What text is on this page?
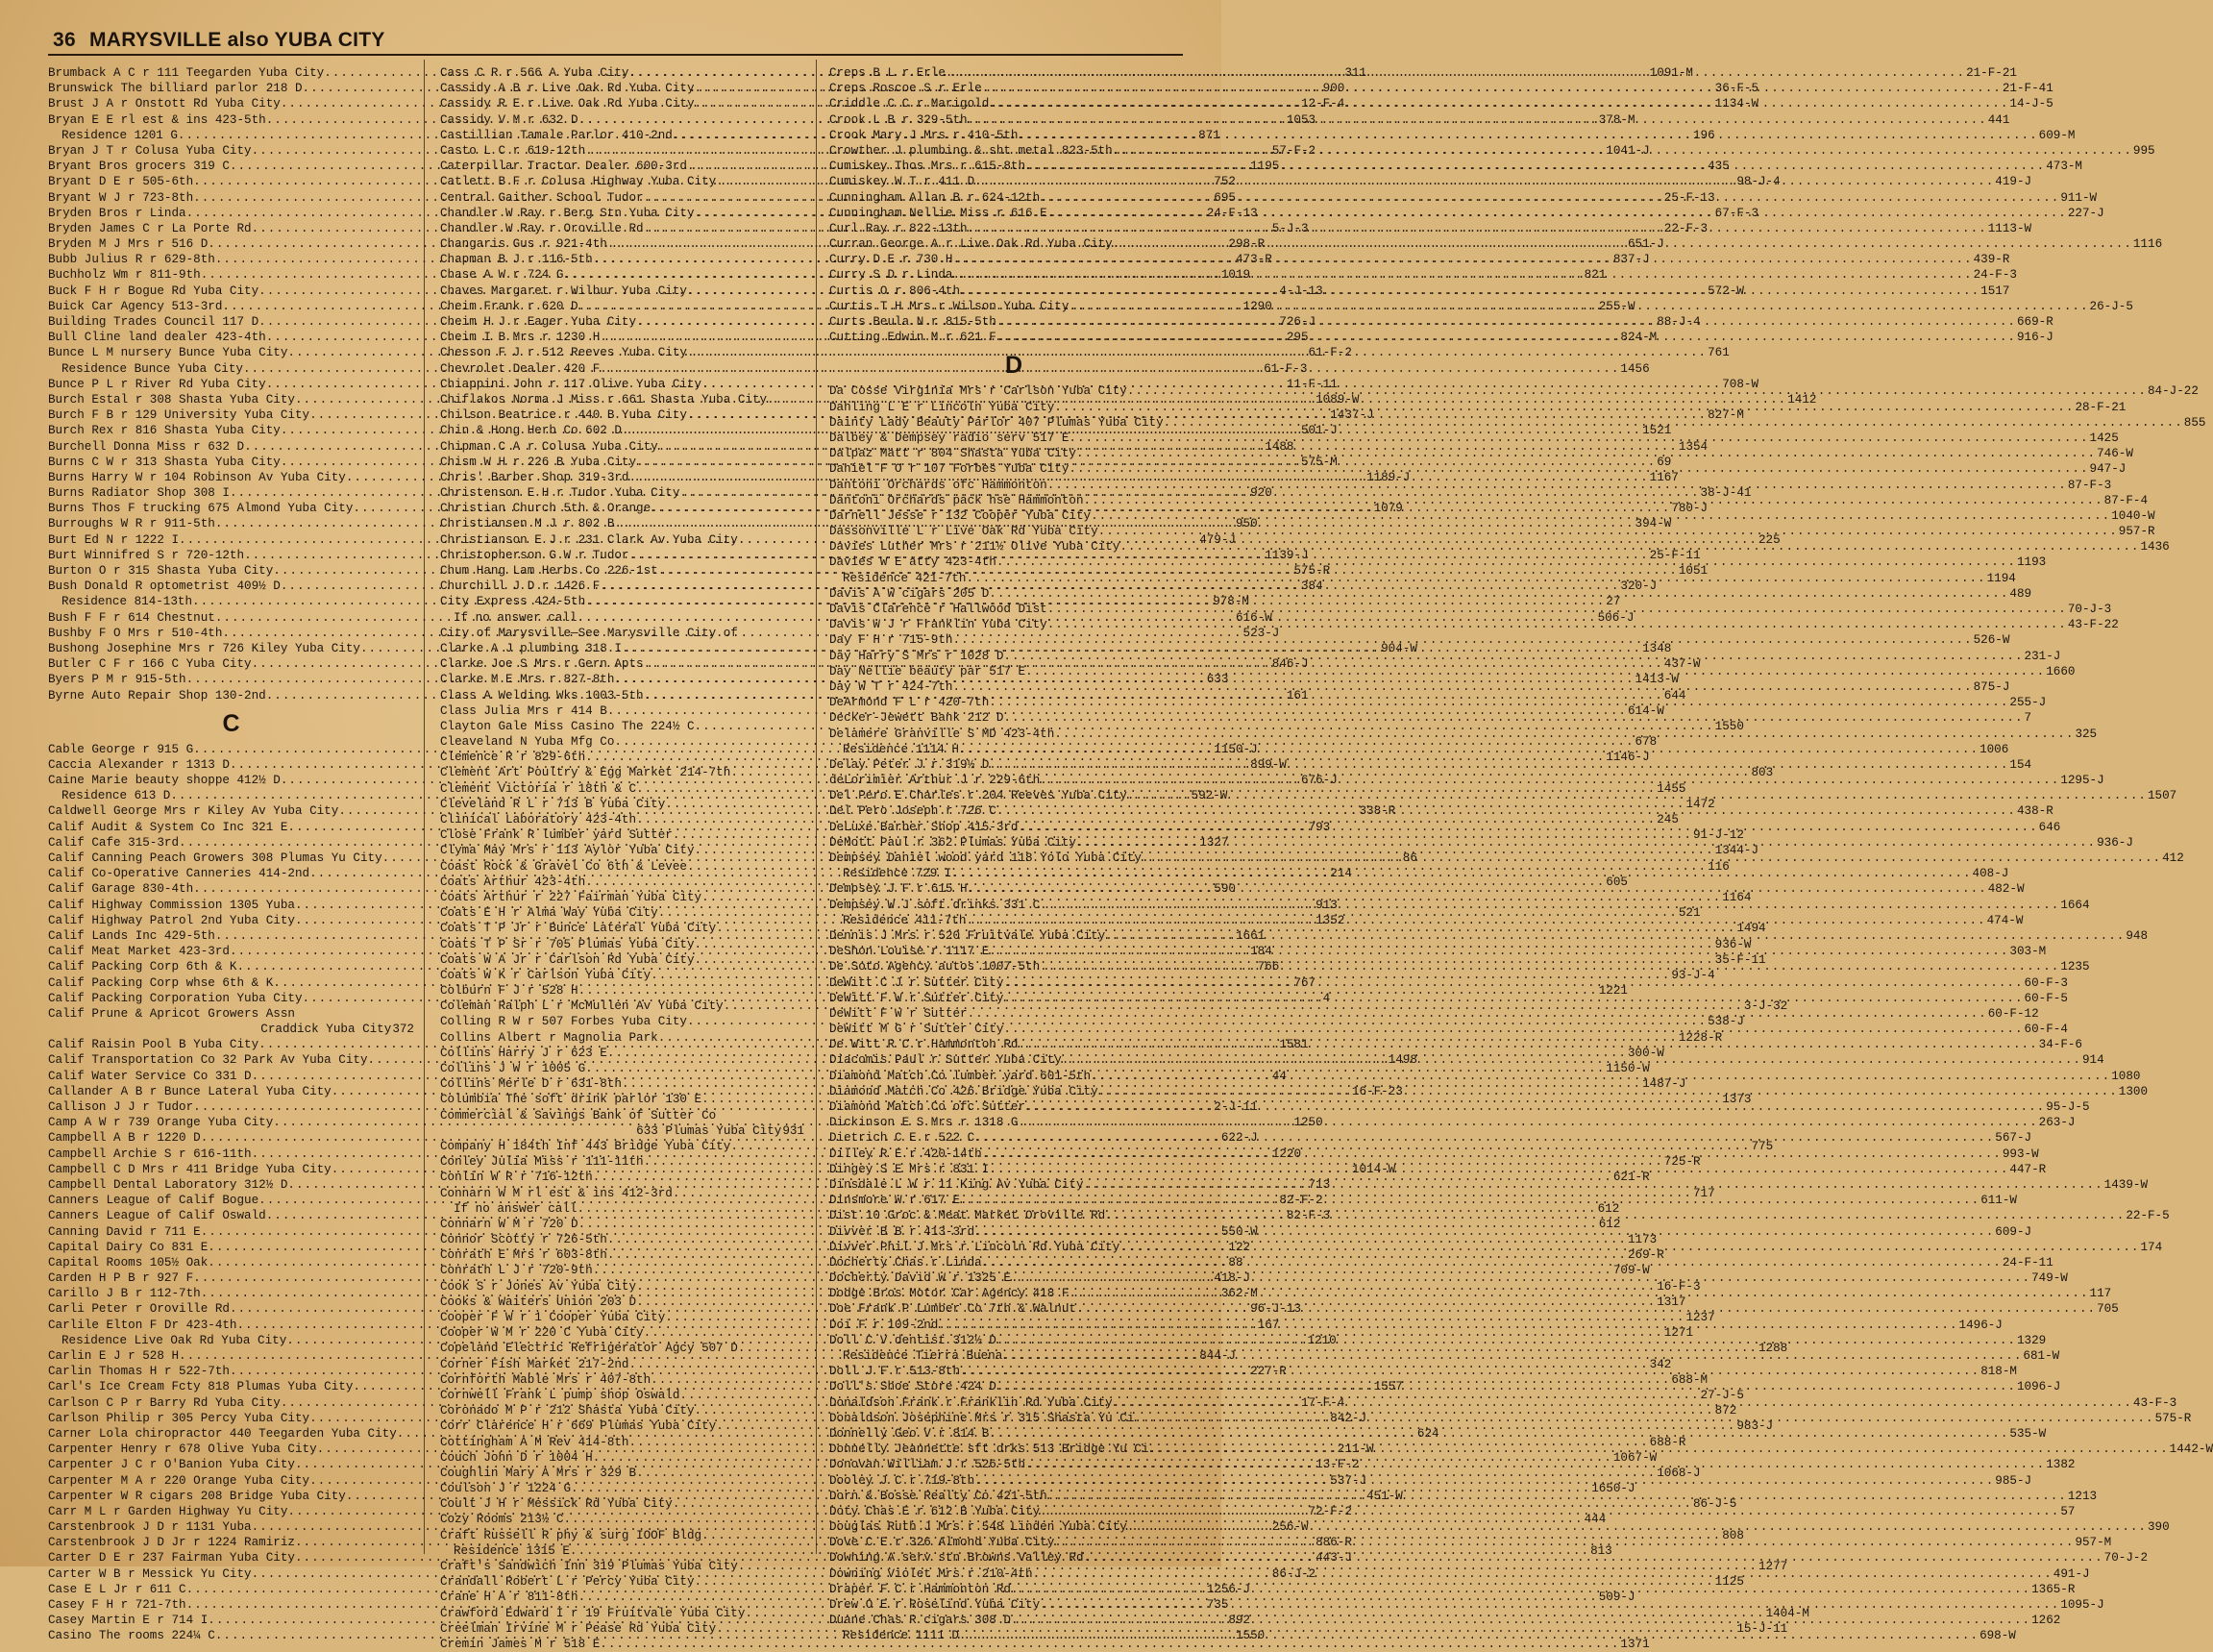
36 MARYSVILLE also YUBA CITY
Brumback A C r 111 Teegarden Yuba City .....	311
Brunswick The billiard parlor 218 D .....	900
Brust J A r Onstott Rd Yuba City .....	12-F-4
Bryan E E rl est & ins 423-5th .....	1053
Residence 1201 G .....	871
Bryan J T r Colusa Yuba City .....	57-F-2
Bryant Bros grocers 319 C .....	1195
Bryant D E r 505-6th .....	752
Bryant W J r 723-8th .....	695
Bryden Bros r Linda .....	24-F-13
Bryden James C r La Porte Rd .....	5-J-3
Bryden M J Mrs r 516 D .....	298-R
Bubb Julius R r 629-8th .....	473-R
Buchholz Wm r 811-9th .....	1019
Buck F H r Bogue Rd Yuba City .....	4-J-13
Buick Car Agency 513-3rd .....	1290
Building Trades Council 117 D .....	726-J
Bull Cline land dealer 423-4th .....	295
Bunce L M nursery Bunce Yuba City .....	61-F-2
Residence Bunce Yuba City .....	61-F-3
Bunce P L r River Rd Yuba City .....	11-F-11
Burch Estal r 308 Shasta Yuba City .....	1089-W
Burch F B r 129 University Yuba City .....	1437-J
Burch Rex r 816 Shasta Yuba City .....	501-J
Burchell Donna Miss r 632 D .....	1488
Burns C W r 313 Shasta Yuba City .....	575-M
Burns Harry W r 104 Robinson Av Yuba City .....	1189-J
Burns Radiator Shop 308 I .....	920
Burns Thos F trucking 675 Almond Yuba City .....	1079
Burroughs W R r 911-5th .....	950
Burt Ed N r 1222 I .....	479-J
Burt Winnifred S r 720-12th .....	1139-J
Burton O r 315 Shasta Yuba City .....	575-R
Bush Donald R optometrist 409½ D .....	384
Residence 814-13th .....	978-M
Bush F F r 614 Chestnut .....	616-W
Bushby F O Mrs r 510-4th .....	523-J
Bushong Josephine Mrs r 726 Kiley Yuba City .....	904-W
Butler C F r 166 C Yuba City .....	846-J
Byers P M r 915-5th .....	633
Byrne Auto Repair Shop 130-2nd .....	161
C
Cable George r 915 G .....	1150-J
Caccia Alexander r 1313 D .....	899-W
Caine Marie beauty shoppe 412½ D .....	676-J
Residence 613 D .....	592-W
Caldwell George Mrs r Kiley Av Yuba City .....	338-R
Calif Audit & System Co Inc 321 E .....	793
Calif Cafe 315-3rd .....	1327
Calif Canning Peach Growers 308 Plumas Yu City .....	86
Calif Co-Operative Canneries 414-2nd .....	214
Calif Garage 830-4th .....	590
Calif Highway Commission 1305 Yuba .....	913
Calif Highway Patrol 2nd Yuba City .....	1352
Calif Lands Inc 429-5th .....	1661
Calif Meat Market 423-3rd .....	184
Calif Packing Corp 6th & K .....	766
Calif Packing Corp whse 6th & K .....	767
Calif Packing Corporation Yuba City .....	4
Calif Prune & Apricot Growers Assn
Craddick Yuba City 372
Calif Raisin Pool B Yuba City .....	1581
Calif Transportation Co 32 Park Av Yuba City .....	1498
Calif Water Service Co 331 D .....	44
Callander A B r Bunce Lateral Yuba City .....	16-F-23
Callison J J r Tudor .....	2-J-11
Camp A W r 739 Orange Yuba City .....	1250
Campbell A B r 1220 D .....	622-J
Campbell Archie S r 616-11th .....	1220
Campbell C D Mrs r 411 Bridge Yuba City .....	1014-W
Campbell Dental Laboratory 312½ D .....	713
Canners League of Calif Bogue .....	82-F-2
Canners League of Calif Oswald .....	82-F-3
Canning David r 711 E .....	550-W
Capital Dairy Co 831 E .....	122
Capital Rooms 105½ Oak .....	88
Carden H P B r 927 F .....	418-J
Carillo J B r 112-7th .....	362-M
Carli Peter r Oroville Rd .....	96-J-13
Carlile Elton F Dr 423-4th .....	167
Residence Live Oak Rd Yuba City .....	1210
Carlin E J r 528 H .....	844-J
Carlin Thomas H r 522-7th .....	227-R
Carl's Ice Cream Fcty 818 Plumas Yuba City .....	1557
Carlson C P r Barry Rd Yuba City .....	17-F-4
Carlson Philip r 305 Percy Yuba City .....	842-J
Carner Lola chiropractor 440 Teegarden Yuba City .....	624
Carpenter Henry r 678 Olive Yuba City .....	211-W
Carpenter J C r O'Banion Yuba City .....	13-F-2
Carpenter M A r 220 Orange Yuba City .....	537-J
Carpenter W R cigars 208 Bridge Yuba City .....	451-W
Carr M L r Garden Highway Yu City .....	72-F-2
Carstenbrook J D r 1131 Yuba .....	256-W
Carstenbrook J D Jr r 1224 Ramiriz .....	886-R
Carter D E r 237 Fairman Yuba City .....	443-J
Carter W B r Messick Yu City .....	86-J-2
Case E L Jr r 611 C .....	1256-J
Casey F H r 721-7th .....	735
Casey Martin E r 714 I .....	892
Casino The rooms 224¼ C .....	1550
Cass C R r 566 A Yuba City .....	1091-M
Cassidy A B r Live Oak Rd Yuba City .....	36-F-5
Cassidy R E r Live Oak Rd Yuba City .....	1134-W
Cassidy V M r 632 D .....	378-M
Castillian Tamale Parlor 410-2nd .....	196
Casto L C r 619-12th .....	1041-J
Caterpillar Tractor Dealer 600-3rd .....	435
Catlett B F r Colusa Highway Yuba City .....	98-J-4
Central Gaither School Tudor .....	25-F-13
Chandler W Ray r Berg Stn Yuba City .....	67-F-3
Chandler W Ray r Oroville Rd .....	22-F-3
Changaris Gus r 921-4th .....	651-J
Chapman B J r 116-5th .....	837-J
Chase A W r 724 G .....	821
Chaves Margaret r Wilbur Yuba City .....	572-W
Cheim Frank r 620 D .....	255-W
Cheim H J r Eager Yuba City .....	88-J-4
Cheim I B Mrs r 1230 H .....	824-M
Chesson F J r 512 Reeves Yuba City .....	761
Chevrolet Dealer 420 F .....	1456
Chiappini John r 117 Olive Yuba City .....	708-W
Chiflakos Norma J Miss r 661 Shasta Yuba City .....	1412
Chilson Beatrice r 440 B Yuba City .....	827-M
Chin & Hong Herb Co 602 D .....	1521
Chipman C A r Colusa Yuba City .....	1354
Chism W H r 226 B Yuba City .....	69
Chris' Barber Shop 319-3rd .....	1167
Christenson E H r Tudor Yuba City .....	38-J-41
Christian Church 5th & Orange .....	780-J
Christiansen M J r 802 B .....	394-W
Christianson E J r 231 Clark Av Yuba City .....	225
Christopherson G W r Tudor .....	25-F-11
Chum Hang Lam Herbs Co 226-1st .....	1051
Churchill J D r 1426 F .....	320-J
City Express 424-5th .....	27
If no answer call .....	506-J
City of Marysville—See Marysville City of
Clarke A J plumbing 318 I .....	1348
Clarke Joe S Mrs r Gern Apts .....	437-W
Clarke M E Mrs r 827-8th .....	1413-W
Class A Welding Wks 1003-5th .....	644
Class Julia Mrs r 414 B .....	614-W
Clayton Gale Miss Casino The 224½ C .....	1550
Cleaveland N Yuba Mfg Co .....	678
Clemence R r 829-6th .....	1146-J
Clement Art Poultry & Egg Market 214-7th .....	803
Clement Victoria r 18th & C .....	1455
Cleveland R L r 713 B Yuba City .....	1472
Clinical Laboratory 423-4th .....	245
Close Frank R lumber yard Sutter .....	91-J-12
Clyma May Mrs r 113 Aylor Yuba City .....	1344-J
Coast Rock & Gravel Co 6th & Levee .....	116
Coats Arthur 423-4th .....	605
Coats Arthur r 227 Fairman Yuba City .....	1164
Coats E H r Alma Way Yuba City .....	521
Coats T P Jr r Bunce Lateral Yuba City .....	1494
Coats T P Sr r 705 Plumas Yuba City .....	936-W
Coats W A Jr r Carlson Rd Yuba City .....	35-F-11
Coats W K r Carlson Yuba City .....	93-J-4
Colburn F J r 528 H .....	1221
Coleman Ralph L r McMullen Av Yuba City .....	3-J-32
Colling R W r 507 Forbes Yuba City .....	538-J
Collins Albert r Magnolia Park .....	1228-R
Collins Harry J r 623 E .....	300-W
Collins J W r 1005 G .....	1150-W
Collins Merle D r 631-8th .....	1487-J
Columbia The soft drink parlor 130 E .....	1373
Commercial & Savings Bank of Sutter Co
633 Plumas Yuba City 931
Company H 184th Inf 443 Bridge Yuba City .....	775
Conley Julia Miss r 111-11th .....	725-R
Conlin W R r 716-12th .....	621-R
Connarn W M rl est & ins 412-3rd .....	717
If no answer call .....	612
Connarn W M r 720 D .....	612
Connor Scotty r 726-5th .....	1173
Conrath E Mrs r 603-8th .....	269-R
Conrath L J r 720-9th .....	709-W
Cook S r Jones Av Yuba City .....	16-F-3
Cooks & Waiters Union 203 D .....	1317
Cooper F W r 1 Cooper Yuba City .....	1237
Cooper W M r 220 C Yuba City .....	1271
Copeland Electric Refrigerator Agcy 507 D .....	1288
Corner Fish Market 217-2nd .....	342
Cornforth Mable Mrs r 407-8th .....	688-M
Cornwell Frank L pump shop Oswald .....	27-J-5
Coronado M P r 212 Shasta Yuba City .....	872
Corr Clarence H r 669 Plumas Yuba City .....	983-J
Cottingham A M Rev 414-8th .....	688-R
Couch John D r 1004 H .....	1067-W
Coughlin Mary A Mrs r 329 B .....	1068-J
Coulson J r 1224 G .....	1650-J
Coult J H r Messick Rd Yuba City .....	86-J-5
Cozy Rooms 213½ C .....	444
Craft Russell R phy & surg IOOF Bldg .....	808
Residence 1315 E .....	813
Craft's Sandwich Inn 319 Plumas Yuba City .....	1277
Crandall Robert L r Percy Yuba City .....	1125
Crane H A r 811-8th .....	509-J
Crawford Edward I r 19 Fruitvale Yuba City .....	1404-M
Creelman Irvine M r Pease Rd Yuba City .....	15-J-11
Cremin James M r 518 E .....	1371
Creps B L r Erle .....	21-F-21
Creps Roscoe S r Erle .....	21-F-41
Criddle C C r Marigold .....	14-J-5
Crook L B r 329-5th .....	441
Crook Mary J Mrs r 410-5th .....	609-M
Crowther J plumbing & sht metal 823-5th .....	995
Cumiskey Thos Mrs r 615-8th .....	473-M
Cumiskey W T r 411 D .....	419-J
Cunningham Allan B r 624-12th .....	911-W
Cunningham Nellie Miss r 616 E .....	227-J
Curl Ray r 822-13th .....	1113-W
Curran George A r Live Oak Rd Yuba City .....	1116
Curry D E r 730 H .....	439-R
Curry S D r Linda .....	24-F-3
Curtis O r 806-4th .....	1517
Curtis T H Mrs r Wilson Yuba City .....	26-J-5
Curts Beula N r 815-5th .....	669-R
Cutting Edwin M r 621 F .....	916-J
D
Da Cosse Virginia Mrs r Carlson Yuba City .....	84-J-22
Dahling L E r Lincoln Yuba City .....	28-F-21
Dainty Lady Beauty Parlor 407 Plumas Yuba City .....	855
Dalbey & Dempsey radio serv 517 E .....	1425
Dalpaz Matt r 804 Shasta Yuba City .....	746-W
Daniel F O r 107 Forbes Yuba City .....	947-J
Dantoni Orchards ofc Hammonton .....	87-F-3
Dantoni Orchards pack hse Hammonton .....	87-F-4
Darnell Jesse r 132 Cooper Yuba City .....	1040-W
Dassonville L r Live Oak Rd Yuba City .....	957-R
Davies Luther Mrs r 211½ Olive Yuba City .....	1436
Davies W E atty 423-4th .....	1193
Residence 421-7th .....	1194
Davis A W cigars 205 D .....	489
Davis Clarence r Hallwood Dist .....	70-J-3
Davis W J r Franklin Yuba City .....	43-F-22
Day F H r 715-9th .....	526-W
Day Harry S Mrs r 1028 D .....	231-J
Day Nellie beauty par 517 E .....	1660
Day W T r 424-7th .....	875-J
DeArmond F L r 420-7th .....	255-J
Decker-Jewett Bank 212 D .....	7
Delamere Granville S MD 423-4th .....	325
Residence 1114 H .....	1006
Delay Peter J r 319½ D .....	154
deLorimier Arthur J r 229-6th .....	1295-J
Del Pero E Charles r 204 Reeves Yuba City .....	1507
Del Pero Joseph r 726 C .....	438-R
DeLuxe Barber Shop 415-3rd .....	646
DeMott Paul r 362 Plumas Yuba City .....	936-J
Dempsey Daniel wood yard 118 Yolo Yuba City .....	412
Residence 729 I .....	408-J
Dempsey J F r 615 H .....	482-W
Dempsey W J soft drinks 331 C .....	1664
Residence 411-7th .....	474-W
Dennis J Mrs r 520 Fruitvale Yuba City .....	948
DeShon Louise r 1117 E .....	303-M
De Soto Agency autos 1007-5th .....	1235
DeWitt C J r Sutter City .....	60-F-3
DeWitt F W r Sutter City .....	60-F-5
DeWitt F W r Sutter .....	60-F-12
DeWitt M G r Sutter City .....	60-F-4
De Witt R C r Hammonton Rd .....	34-F-6
Diacomis Paul r Sutter Yuba City .....	914
Diamond Match Co lumber yard 601-5th .....	1080
Diamond Match Co 426 Bridge Yuba City .....	1300
Diamond Match Co ofc Sutter .....	95-J-5
Dickinson E S Mrs r 1318 G .....	263-J
Dietrich C E r 522 C .....	567-J
Dilley R E r 420-14th .....	993-W
Dingey S E Mrs r 831 I .....	447-R
Dinsdale L W r 11 King Av Yuba City .....	1439-W
Dinsmore W r 617 E .....	611-W
Dist 10 Groc & Meat Market Oroville Rd .....	22-F-5
Divver B B r 413-3rd .....	609-J
Divver Phil J Mrs r Lincoln Rd Yuba City .....	174
Docherty Chas r Linda .....	24-F-11
Docherty David W r 1325 E .....	749-W
Dodge Bros Motor Car Agency 418 F .....	117
Doe Frank P Lumber Co 7th & Walnut .....	705
Doi F r 109-2nd .....	1496-J
Doll C V dentist 312½ D .....	1329
Residence Tierra Buena .....	681-W
Doll J F r 513-8th .....	818-M
Doll's Shoe Store 424 D .....	1096-J
Donaldson Frank r Franklin Rd Yuba City .....	43-F-3
Donaldson Josephine Mrs r 315 Shasta Yu Ci .....	575-R
Donnelly Geo V r 814 B .....	535-W
Donnelly Jeannette sft drks 513 Bridge Yu Ci .....	1442-W
Donovan William J r 526-5th .....	1382
Dooley J C r 719-8th .....	985-J
Dorn & Bosse Realty Co 421-5th .....	1213
Doty Chas E r 612 B Yuba City .....	57
Douglas Ruth J Mrs r 548 Linden Yuba City .....	390
Dove C E r 326 Almond Yuba City .....	957-M
Downing A serv stn Browns Valley Rd .....	70-J-2
Downing Violet Mrs r 210-4th .....	491-J
Draper F C r Hammonton Rd .....	1365-R
Drew O E r Roselind Yuba City .....	1095-J
Duane Chas R cigars 308 D .....	1262
Residence 1111 D .....	698-W
